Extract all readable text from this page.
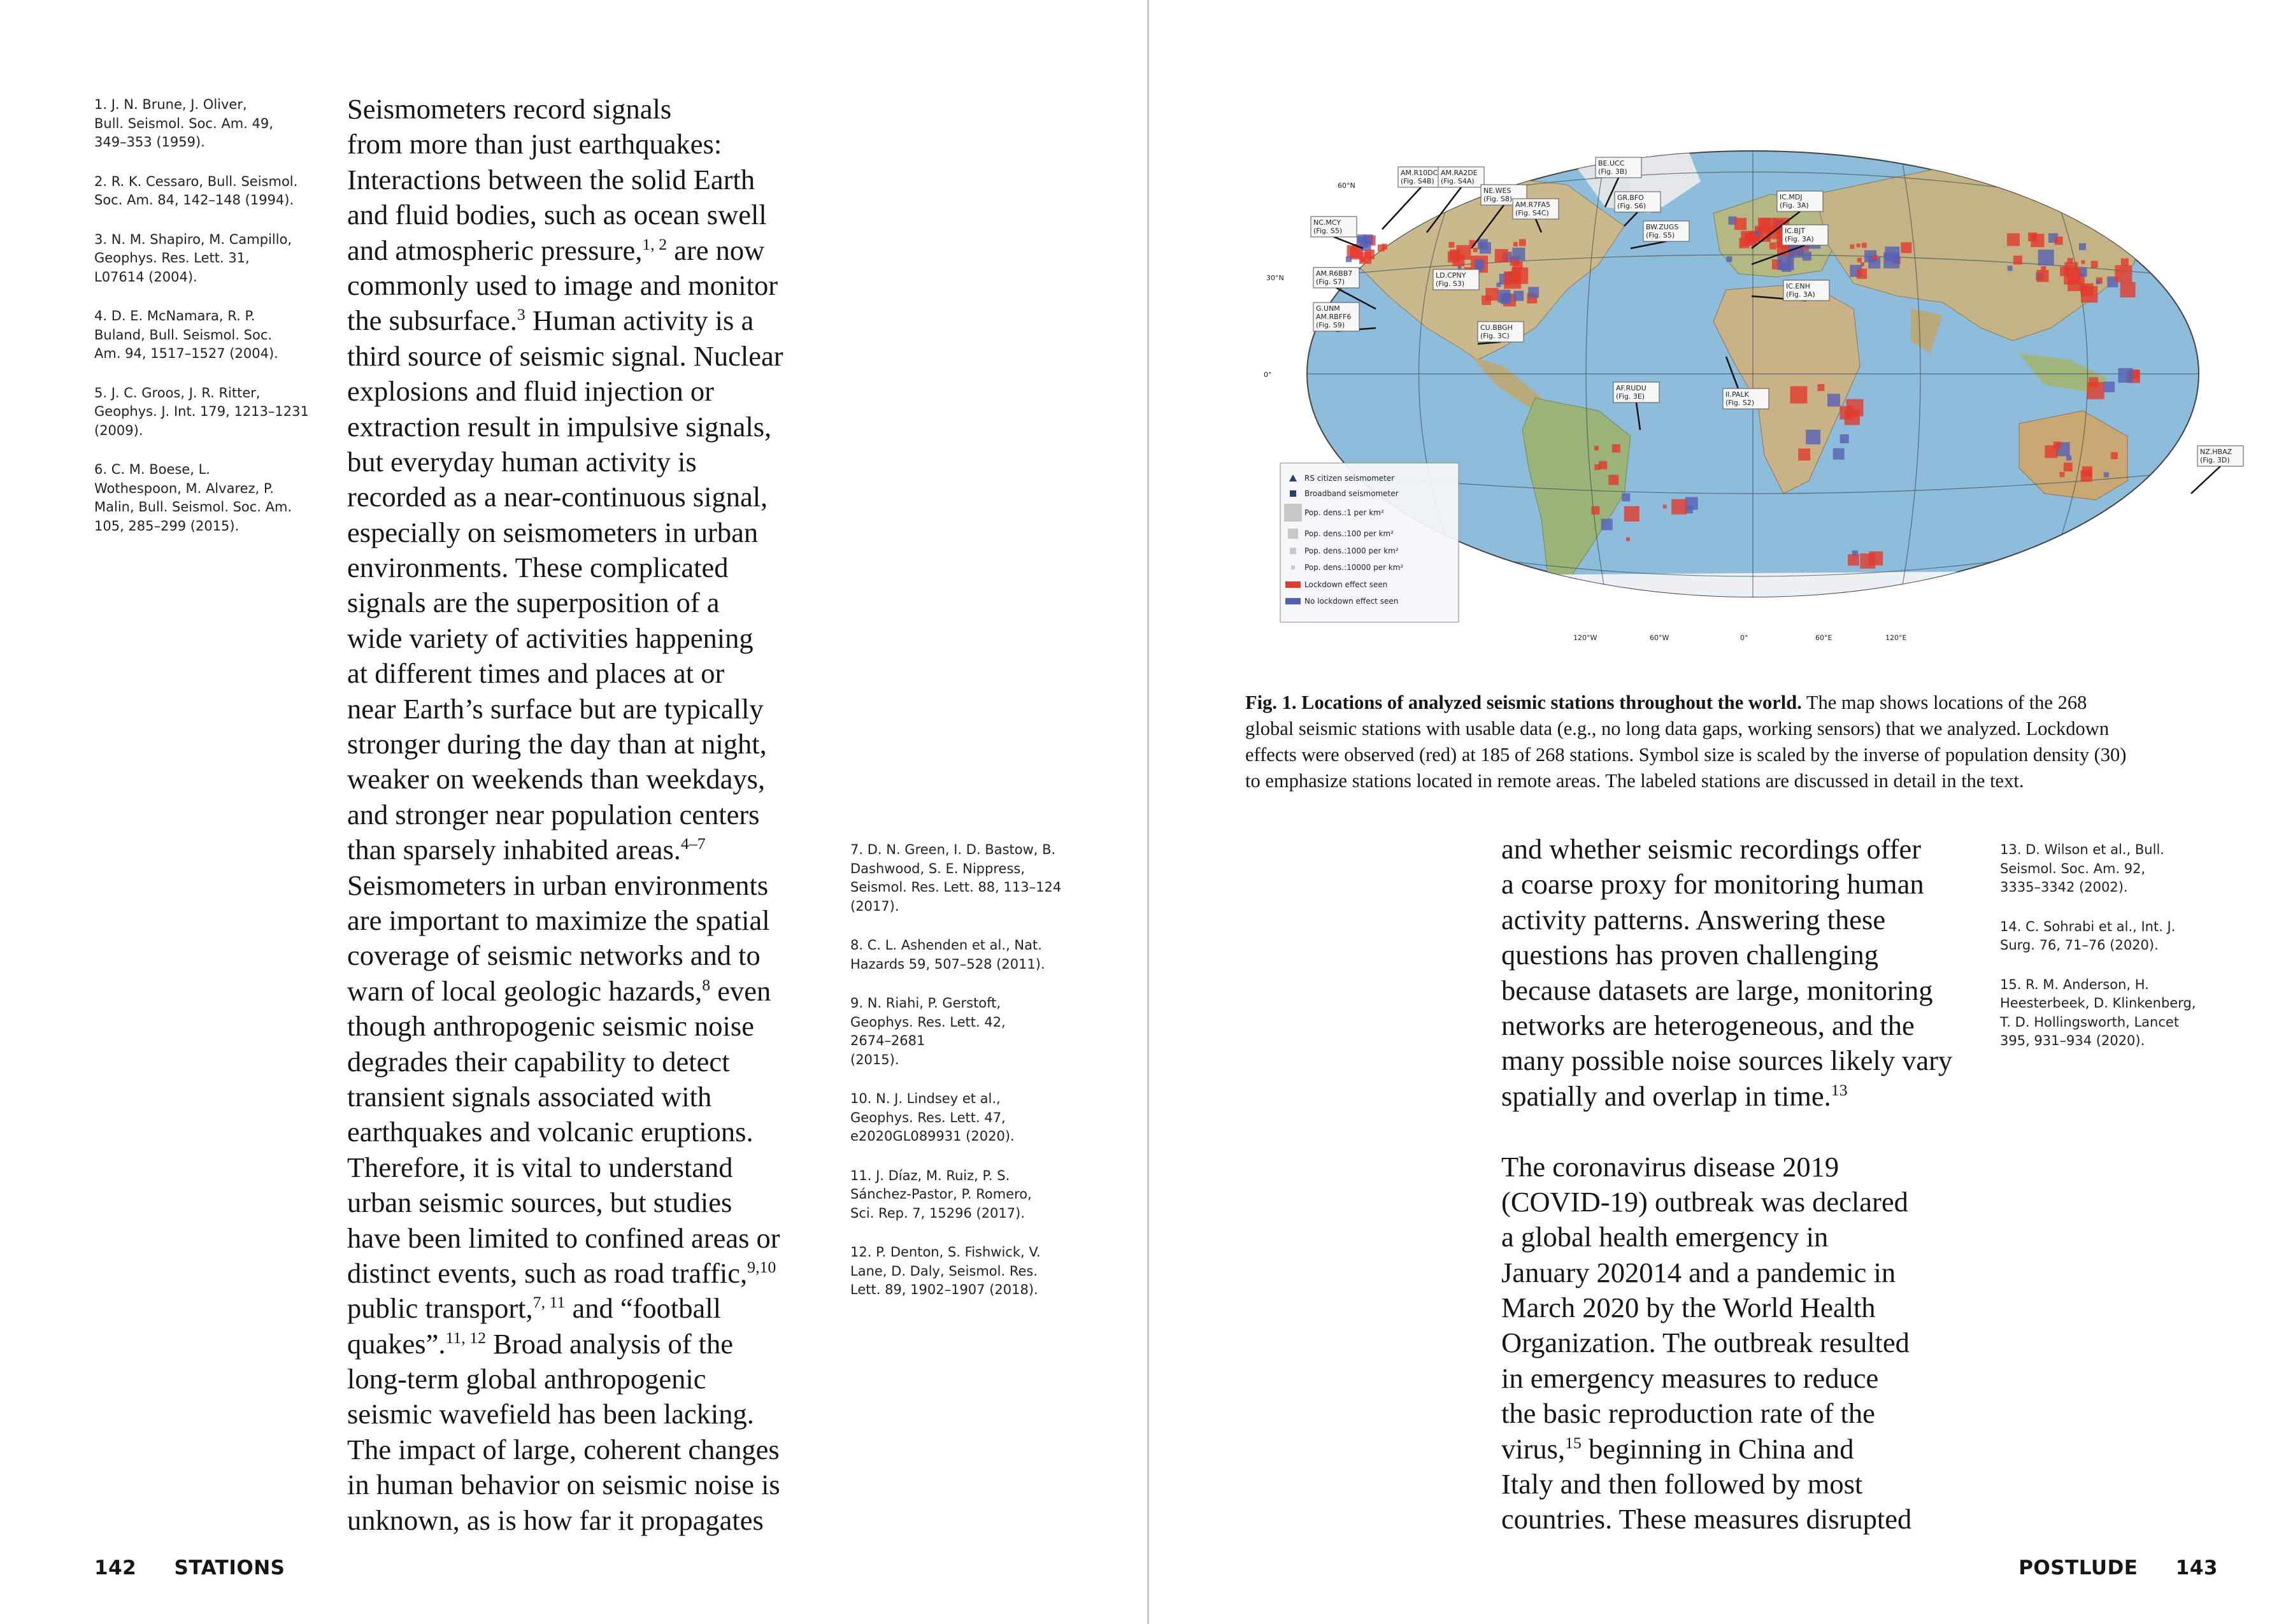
1. J. N. Brune, J. Oliver,
Bull. Seismol. Soc. Am. 49,
349–353 (1959).
2. R. K. Cessaro, Bull. Seismol.
Soc. Am. 84, 142–148 (1994).
3. N. M. Shapiro, M. Campillo,
Geophys. Res. Lett. 31,
L07614 (2004).
4. D. E. McNamara, R. P.
Buland, Bull. Seismol. Soc.
Am. 94, 1517–1527 (2004).
5. J. C. Groos, J. R. Ritter,
Geophys. J. Int. 179, 1213–1231
(2009).
6. C. M. Boese, L.
Wothespoon, M. Alvarez, P.
Malin, Bull. Seismol. Soc. Am.
105, 285–299 (2015).
Seismometers record signals
from more than just earthquakes:
Interactions between the solid Earth
and fluid bodies, such as ocean swell
and atmospheric pressure,$^{1, 2}$ are now
commonly used to image and monitor
the subsurface.$^3$ Human activity is a
third source of seismic signal. Nuclear
explosions and fluid injection or
extraction result in impulsive signals,
but everyday human activity is
recorded as a near-continuous signal,
especially on seismometers in urban
environments. These complicated
signals are the superposition of a
wide variety of activities happening
at different times and places at or
near Earth’s surface but are typically
stronger during the day than at night,
weaker on weekends than weekdays,
and stronger near population centers
than sparsely inhabited areas.$^{4-7}$
Seismometers in urban environments
are important to maximize the spatial
coverage of seismic networks and to
warn of local geologic hazards,$^8$ even
though anthropogenic seismic noise
degrades their capability to detect
transient signals associated with
earthquakes and volcanic eruptions.
Therefore, it is vital to understand
urban seismic sources, but studies
have been limited to confined areas or
distinct events, such as road traffic,$^{9,10}$
public transport,$^{7, 11}$ and “football
quakes”.$^{11, 12}$ Broad analysis of the
long-term global anthropogenic
seismic wavefield has been lacking.
The impact of large, coherent changes
in human behavior on seismic noise is
unknown, as is how far it propagates
7. D. N. Green, I. D. Bastow, B.
Dashwood, S. E. Nippress,
Seismol. Res. Lett. 88, 113–124
(2017).
8. C. L. Ashenden et al., Nat.
Hazards 59, 507–528 (2011).
9. N. Riahi, P. Gerstoft,
Geophys. Res. Lett. 42,
2674–2681
(2015).
10. N. J. Lindsey et al.,
Geophys. Res. Lett. 47,
e2020GL089931 (2020).
11. J. Díaz, M. Ruiz, P. S.
Sánchez-Pastor, P. Romero,
Sci. Rep. 7, 15296 (2017).
12. P. Denton, S. Fishwick, V.
Lane, D. Daly, Seismol. Res.
Lett. 89, 1902–1907 (2018).
142 STATIONS
AM.R10DC
(Fig. S4B)
AM.RA2DE
(Fig. S4A)
NE.WES
(Fig. S8)
BE.UCC
(Fig. 3B)
AM.R7FA5
(Fig. S4C)
GR.BFO
(Fig. S6)
IC.MDJ
(Fig. 3A)
NC.MCY
(Fig. S5)	IC.BJT
(Fig. 3A)
BW.ZUGS
(Fig. S5)
LD.CPNY
(Fig. S3)
AM.R6BB7
(Fig. S7)
IC.ENH
(Fig. 3A)
G.UNM
AM.RBFF6
(Fig. S9)	CU.BBGH
(Fig. 3C)
AF.RUDU
(Fig. 3E)	II.PALK
(Fig. S2)
NZ.HBAZ
(Fig. 3D)
60°N
30°N
0°
120°W	60°W	0°	60°E	120°E
RS citizen seismometer
Broadband seismometer
Pop. dens.:1 per km²
Pop. dens.:100 per km²
Pop. dens.:1000 per km²
Pop. dens.:10000 per km²
Lockdown effect seen
No lockdown effect seen
Fig. 1. Locations of analyzed seismic stations throughout the world. The map shows locations of the 268
global seismic stations with usable data (e.g., no long data gaps, working sensors) that we analyzed. Lockdown
effects were observed (red) at 185 of 268 stations. Symbol size is scaled by the inverse of population density (30)
to emphasize stations located in remote areas. The labeled stations are discussed in detail in the text.
and whether seismic recordings offer
a coarse proxy for monitoring human
activity patterns. Answering these
questions has proven challenging
because datasets are large, monitoring
networks are heterogeneous, and the
many possible noise sources likely vary
spatially and overlap in time.$^{13}$
The coronavirus disease 2019
(COVID-19) outbreak was declared
a global health emergency in
January 202014 and a pandemic in
March 2020 by the World Health
Organization. The outbreak resulted
in emergency measures to reduce
the basic reproduction rate of the
virus,$^{15}$ beginning in China and
Italy and then followed by most
countries. These measures disrupted
13. D. Wilson et al., Bull.
Seismol. Soc. Am. 92,
3335–3342 (2002).
14. C. Sohrabi et al., Int. J.
Surg. 76, 71–76 (2020).
15. R. M. Anderson, H.
Heesterbeek, D. Klinkenberg,
T. D. Hollingsworth, Lancet
395, 931–934 (2020).
POSTLUDE 143
